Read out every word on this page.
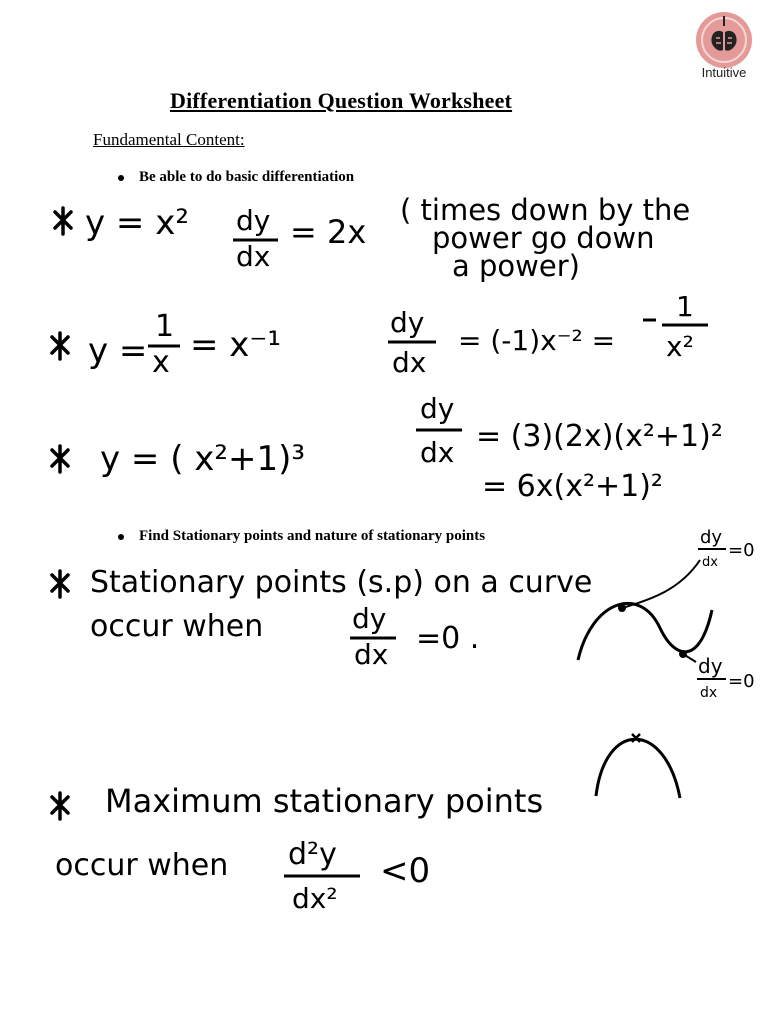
Intuitive
Differentiation Question Worksheet
Fundamental Content:
Be able to do basic differentiation
Find Stationary points and nature of stationary points
y = x² dy
dx
= 2x
( times down by the
power go down
a power)
y =
1
x = x⁻¹
dy
dx
= (-1)x⁻² =
1
x²
y = ( x²+1)³
dy
dx = (3)(2x)(x²+1)²
= 6x(x²+1)²
Stationary points (s.p) on a curve
occur when	dy
dx =0 .
dy
dx
=0
dy
dx
=0
Maximum stationary points
occur when d²y
dx²
<0
